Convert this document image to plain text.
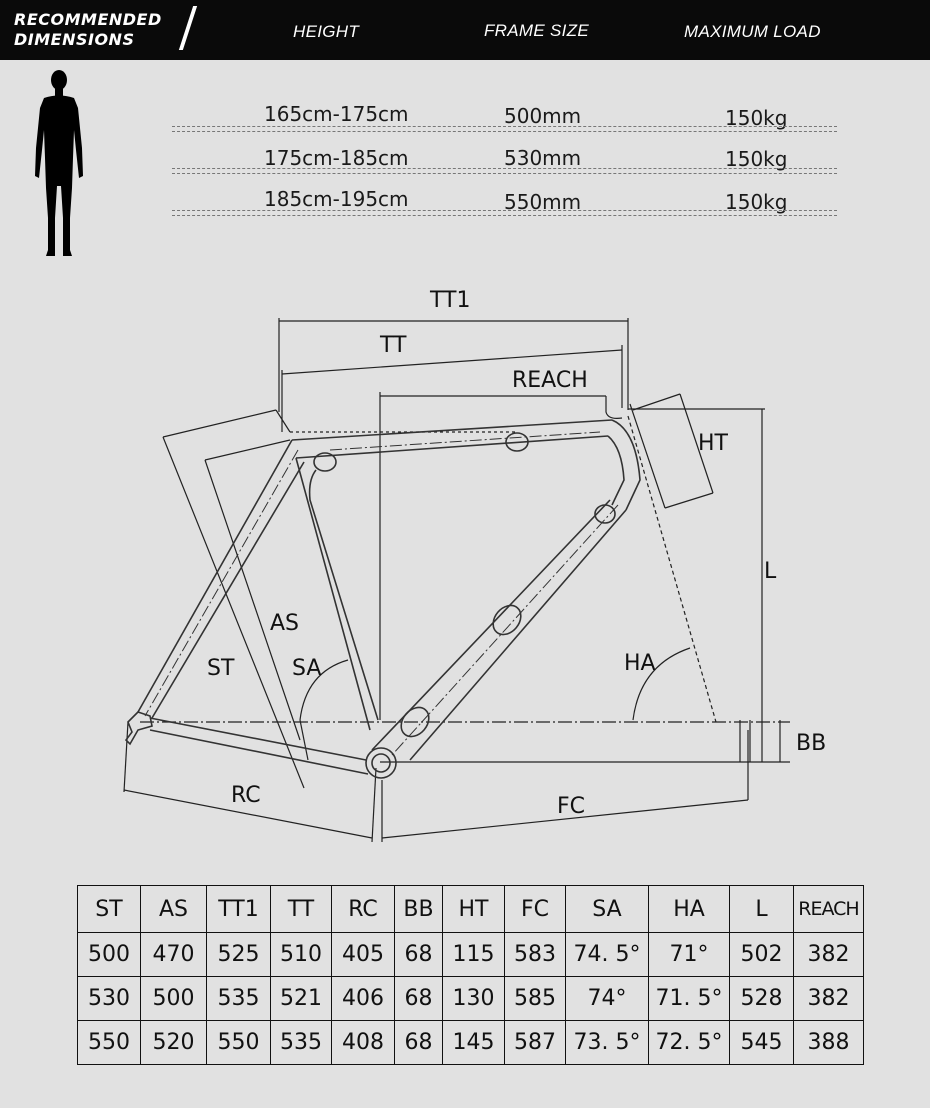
RECOMMENDED
DIMENSIONS	HEIGHT	FRAME SIZE	MAXIMUM LOAD
165cm-175cm	500mm	150kg
175cm-185cm	530mm	150kg
185cm-195cm	550mm	150kg
TT1
TT
REACH
HT
L
AS
ST	SA	HA
BB
RC	FC
ST	AS	TT1	TT	RC	BB	HT	FC	SA	HA	L	REACH
500	470	525	510	405	68	115	583	74. 5°	71°	502	382
530	500	535	521	406	68	130	585	74°	71. 5°	528	382
550	520	550	535	408	68	145	587	73. 5°	72. 5°	545	388
